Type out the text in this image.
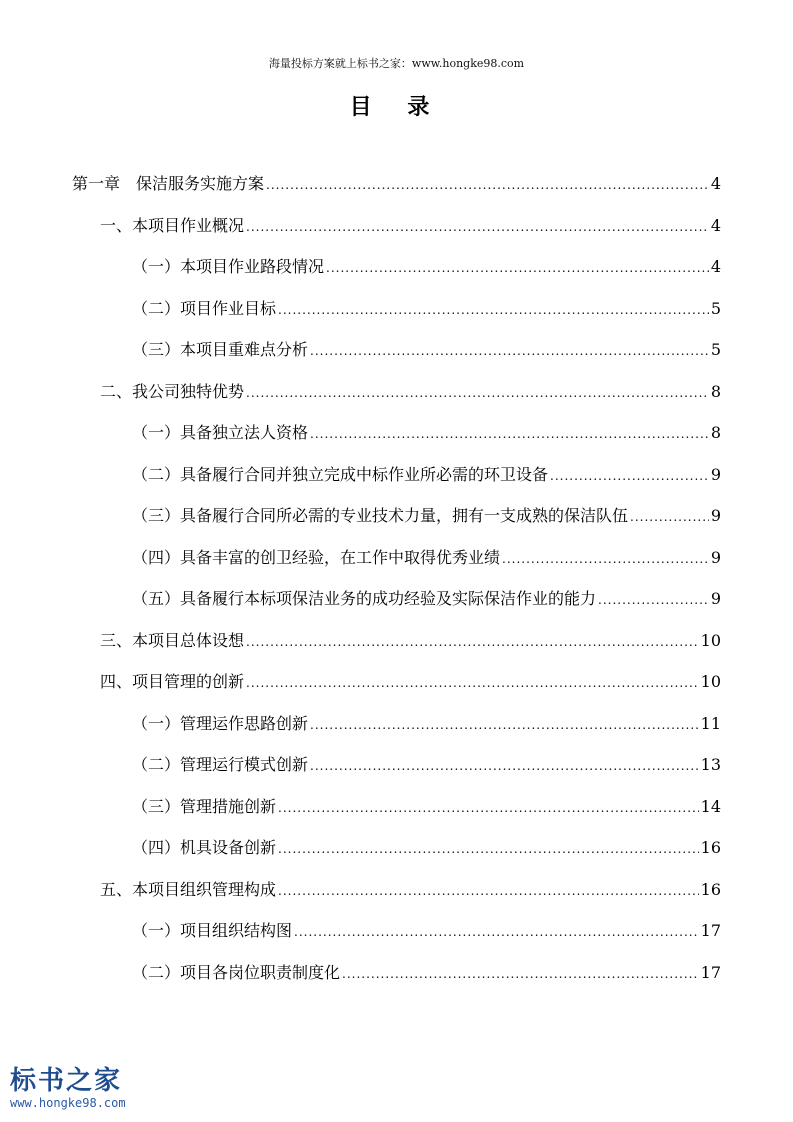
海量投标方案就上标书之家：www.hongke98.com
目 录
第一章　保洁服务实施方案 .....	4
一、本项目作业概况 .....	4
（一）本项目作业路段情况 .....	4
（二）项目作业目标 .....	5
（三）本项目重难点分析 .....	5
二、我公司独特优势 .....	8
（一）具备独立法人资格 .....	8
（二）具备履行合同并独立完成中标作业所必需的环卫设备 .....	9
（三）具备履行合同所必需的专业技术力量，拥有一支成熟的保洁队伍 .....	9
（四）具备丰富的创卫经验，在工作中取得优秀业绩 .....	9
（五）具备履行本标项保洁业务的成功经验及实际保洁作业的能力 .....	9
三、本项目总体设想 .....	10
四、项目管理的创新 .....	10
（一）管理运作思路创新 .....	11
（二）管理运行模式创新 .....	13
（三）管理措施创新 .....	14
（四）机具设备创新 .....	16
五、本项目组织管理构成 .....	16
（一）项目组织结构图 .....	17
（二）项目各岗位职责制度化 .....	17
标书之家
www.hongke98.com
